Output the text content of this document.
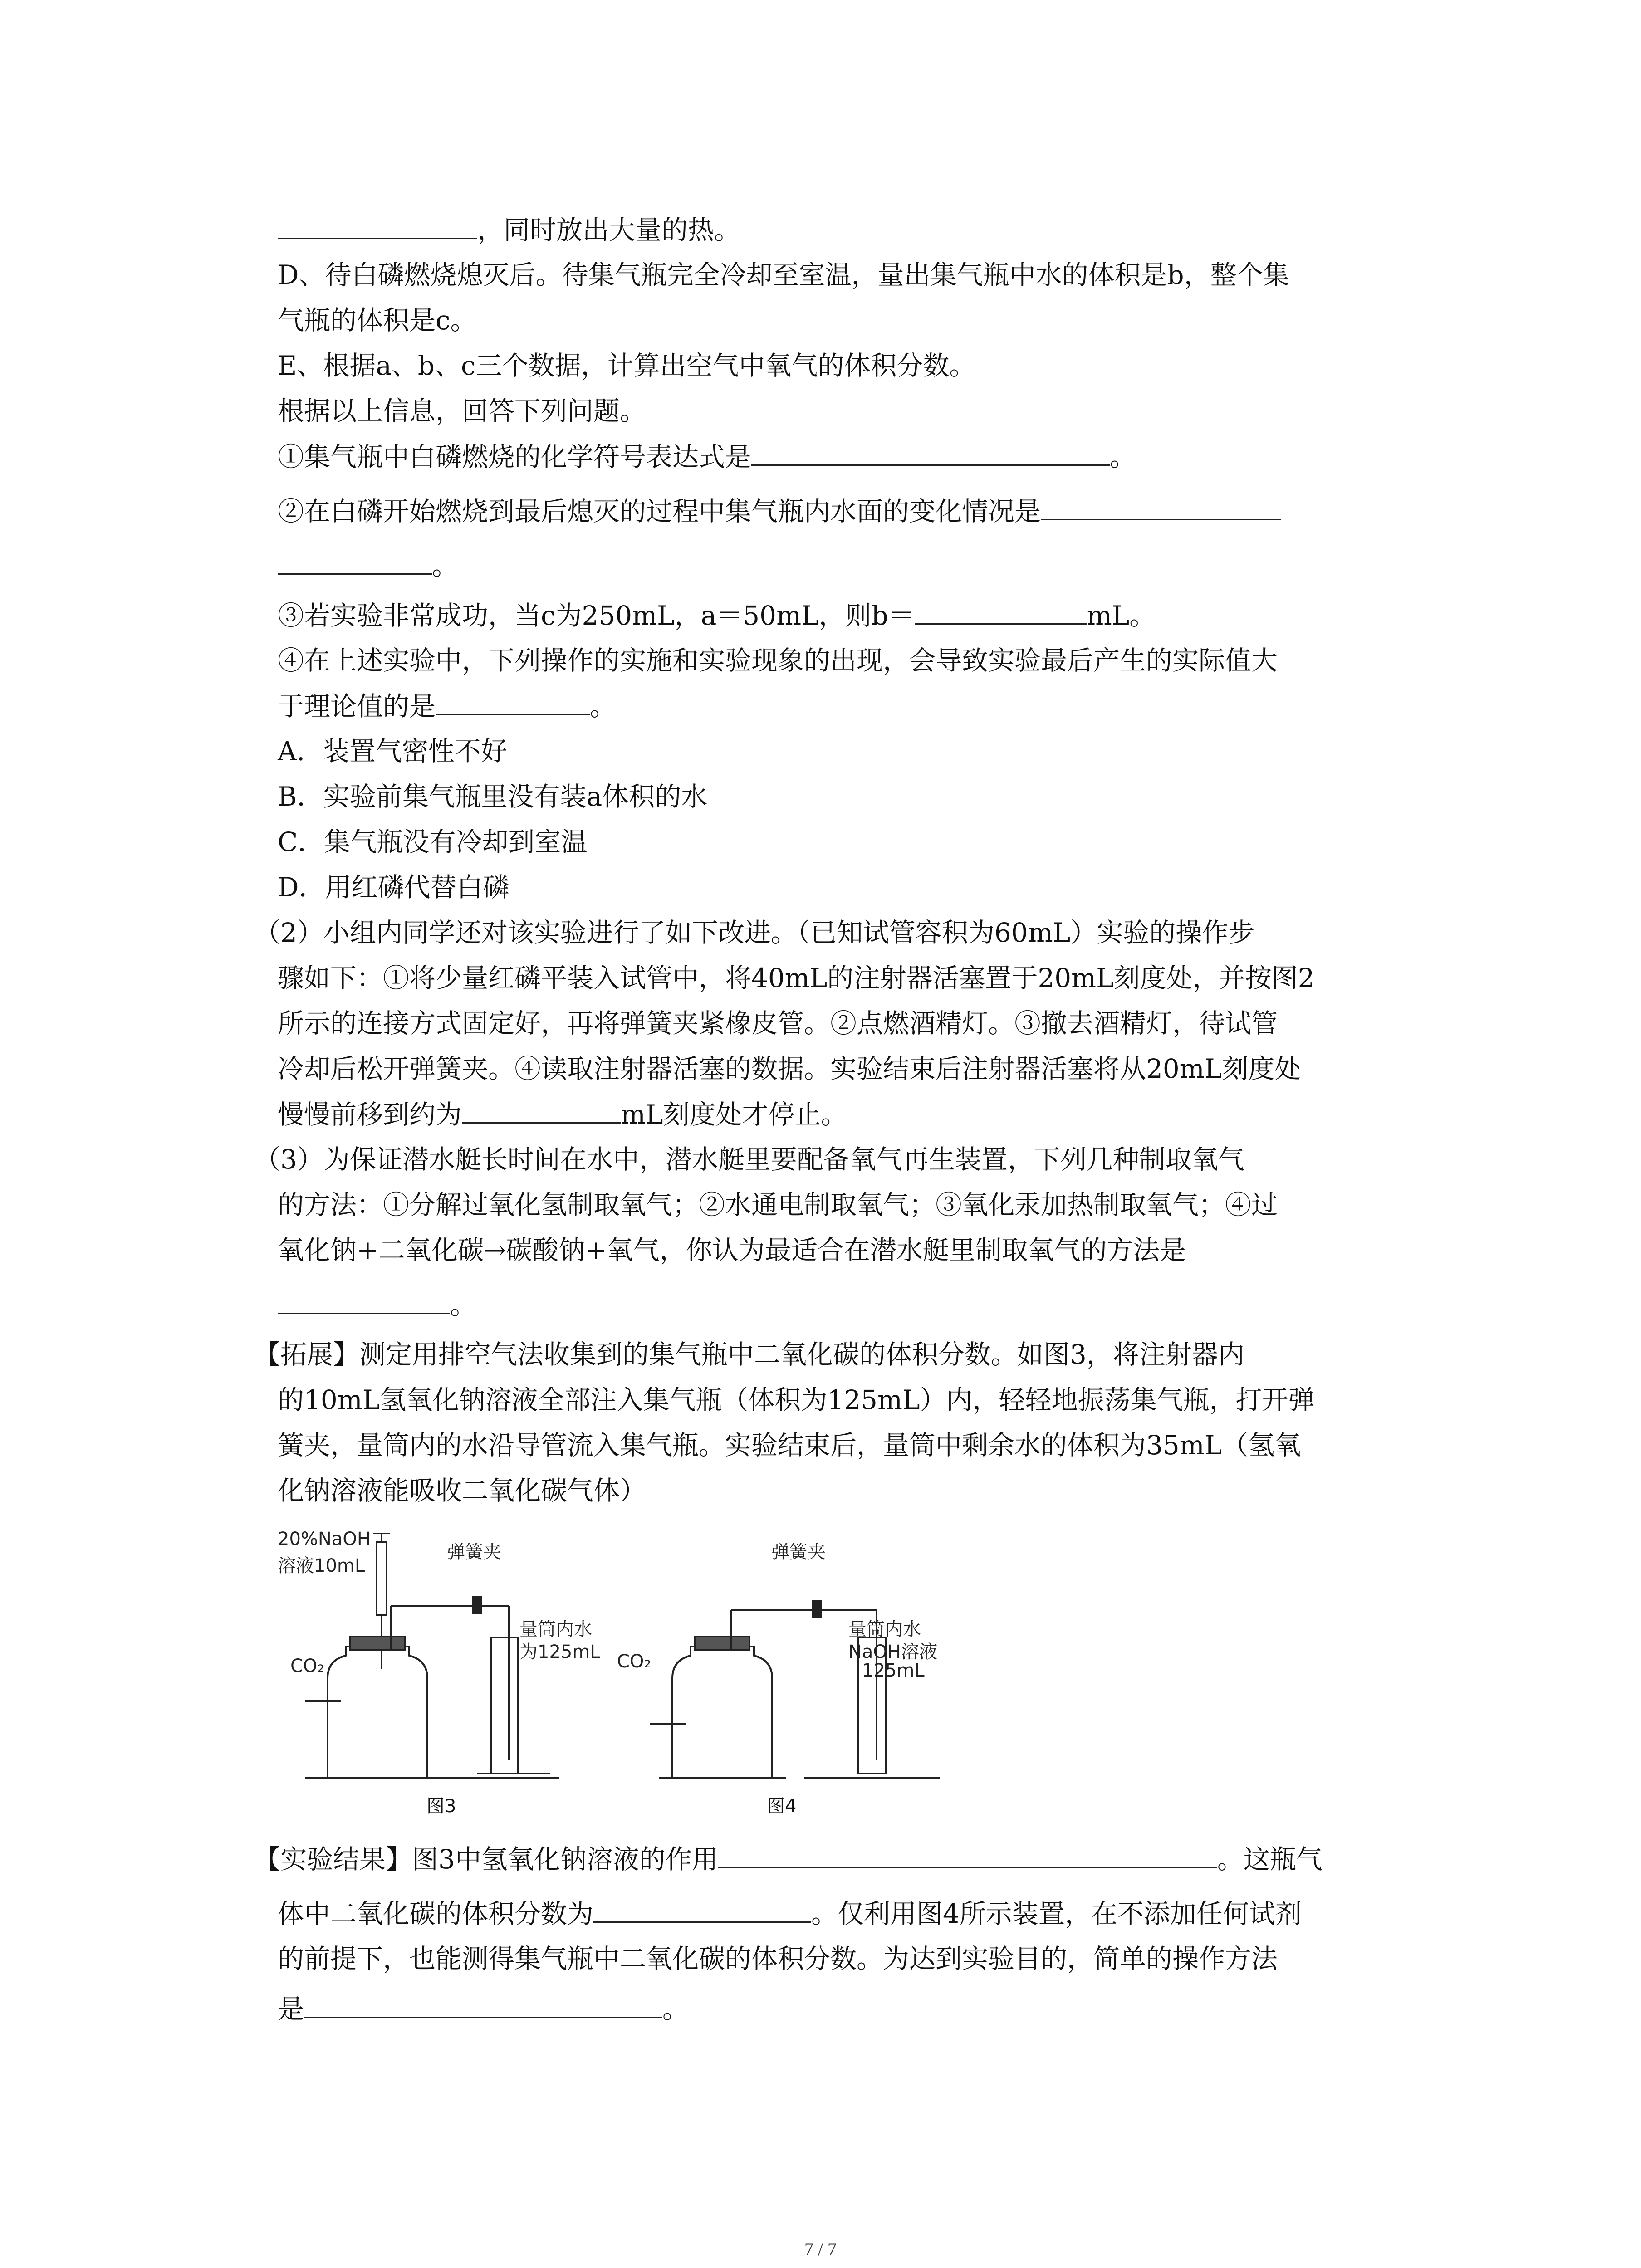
，同时放出大量的热。
D、待白磷燃烧熄灭后。待集气瓶完全冷却至室温，量出集气瓶中水的体积是b，整个集
气瓶的体积是c。
E、根据a、b、c三个数据，计算出空气中氧气的体积分数。
根据以上信息，回答下列问题。
①集气瓶中白磷燃烧的化学符号表达式是	。
②在白磷开始燃烧到最后熄灭的过程中集气瓶内水面的变化情况是
。
③若实验非常成功，当c为250mL，a＝50mL，则b＝	mL。
④在上述实验中，下列操作的实施和实验现象的出现，会导致实验最后产生的实际值大
于理论值的是	。
A．装置气密性不好
B．实验前集气瓶里没有装a体积的水
C．集气瓶没有冷却到室温
D．用红磷代替白磷
（2）小组内同学还对该实验进行了如下改进。（已知试管容积为60mL）实验的操作步
骤如下：①将少量红磷平装入试管中，将40mL的注射器活塞置于20mL刻度处，并按图2
所示的连接方式固定好，再将弹簧夹紧橡皮管。②点燃酒精灯。③撤去酒精灯，待试管
冷却后松开弹簧夹。④读取注射器活塞的数据。实验结束后注射器活塞将从20mL刻度处
慢慢前移到约为	mL刻度处才停止。
（3）为保证潜水艇长时间在水中，潜水艇里要配备氧气再生装置，下列几种制取氧气
的方法：①分解过氧化氢制取氧气；②水通电制取氧气；③氧化汞加热制取氧气；④过
氧化钠+二氧化碳→碳酸钠+氧气，你认为最适合在潜水艇里制取氧气的方法是
。
【拓展】测定用排空气法收集到的集气瓶中二氧化碳的体积分数。如图3，将注射器内
的10mL氢氧化钠溶液全部注入集气瓶（体积为125mL）内，轻轻地振荡集气瓶，打开弹
簧夹，量筒内的水沿导管流入集气瓶。实验结束后，量筒中剩余水的体积为35mL（氢氧
化钠溶液能吸收二氧化碳气体）
20%NaOH
溶液10mL
弹簧夹
量筒内水
为125mL
CO₂
图3
弹簧夹
量筒内水
NaOH溶液
125mL
CO₂
图4
【实验结果】图3中氢氧化钠溶液的作用	。这瓶气
体中二氧化碳的体积分数为	。仅利用图4所示装置，在不添加任何试剂
的前提下，也能测得集气瓶中二氧化碳的体积分数。为达到实验目的，简单的操作方法
是	。
7 / 7
